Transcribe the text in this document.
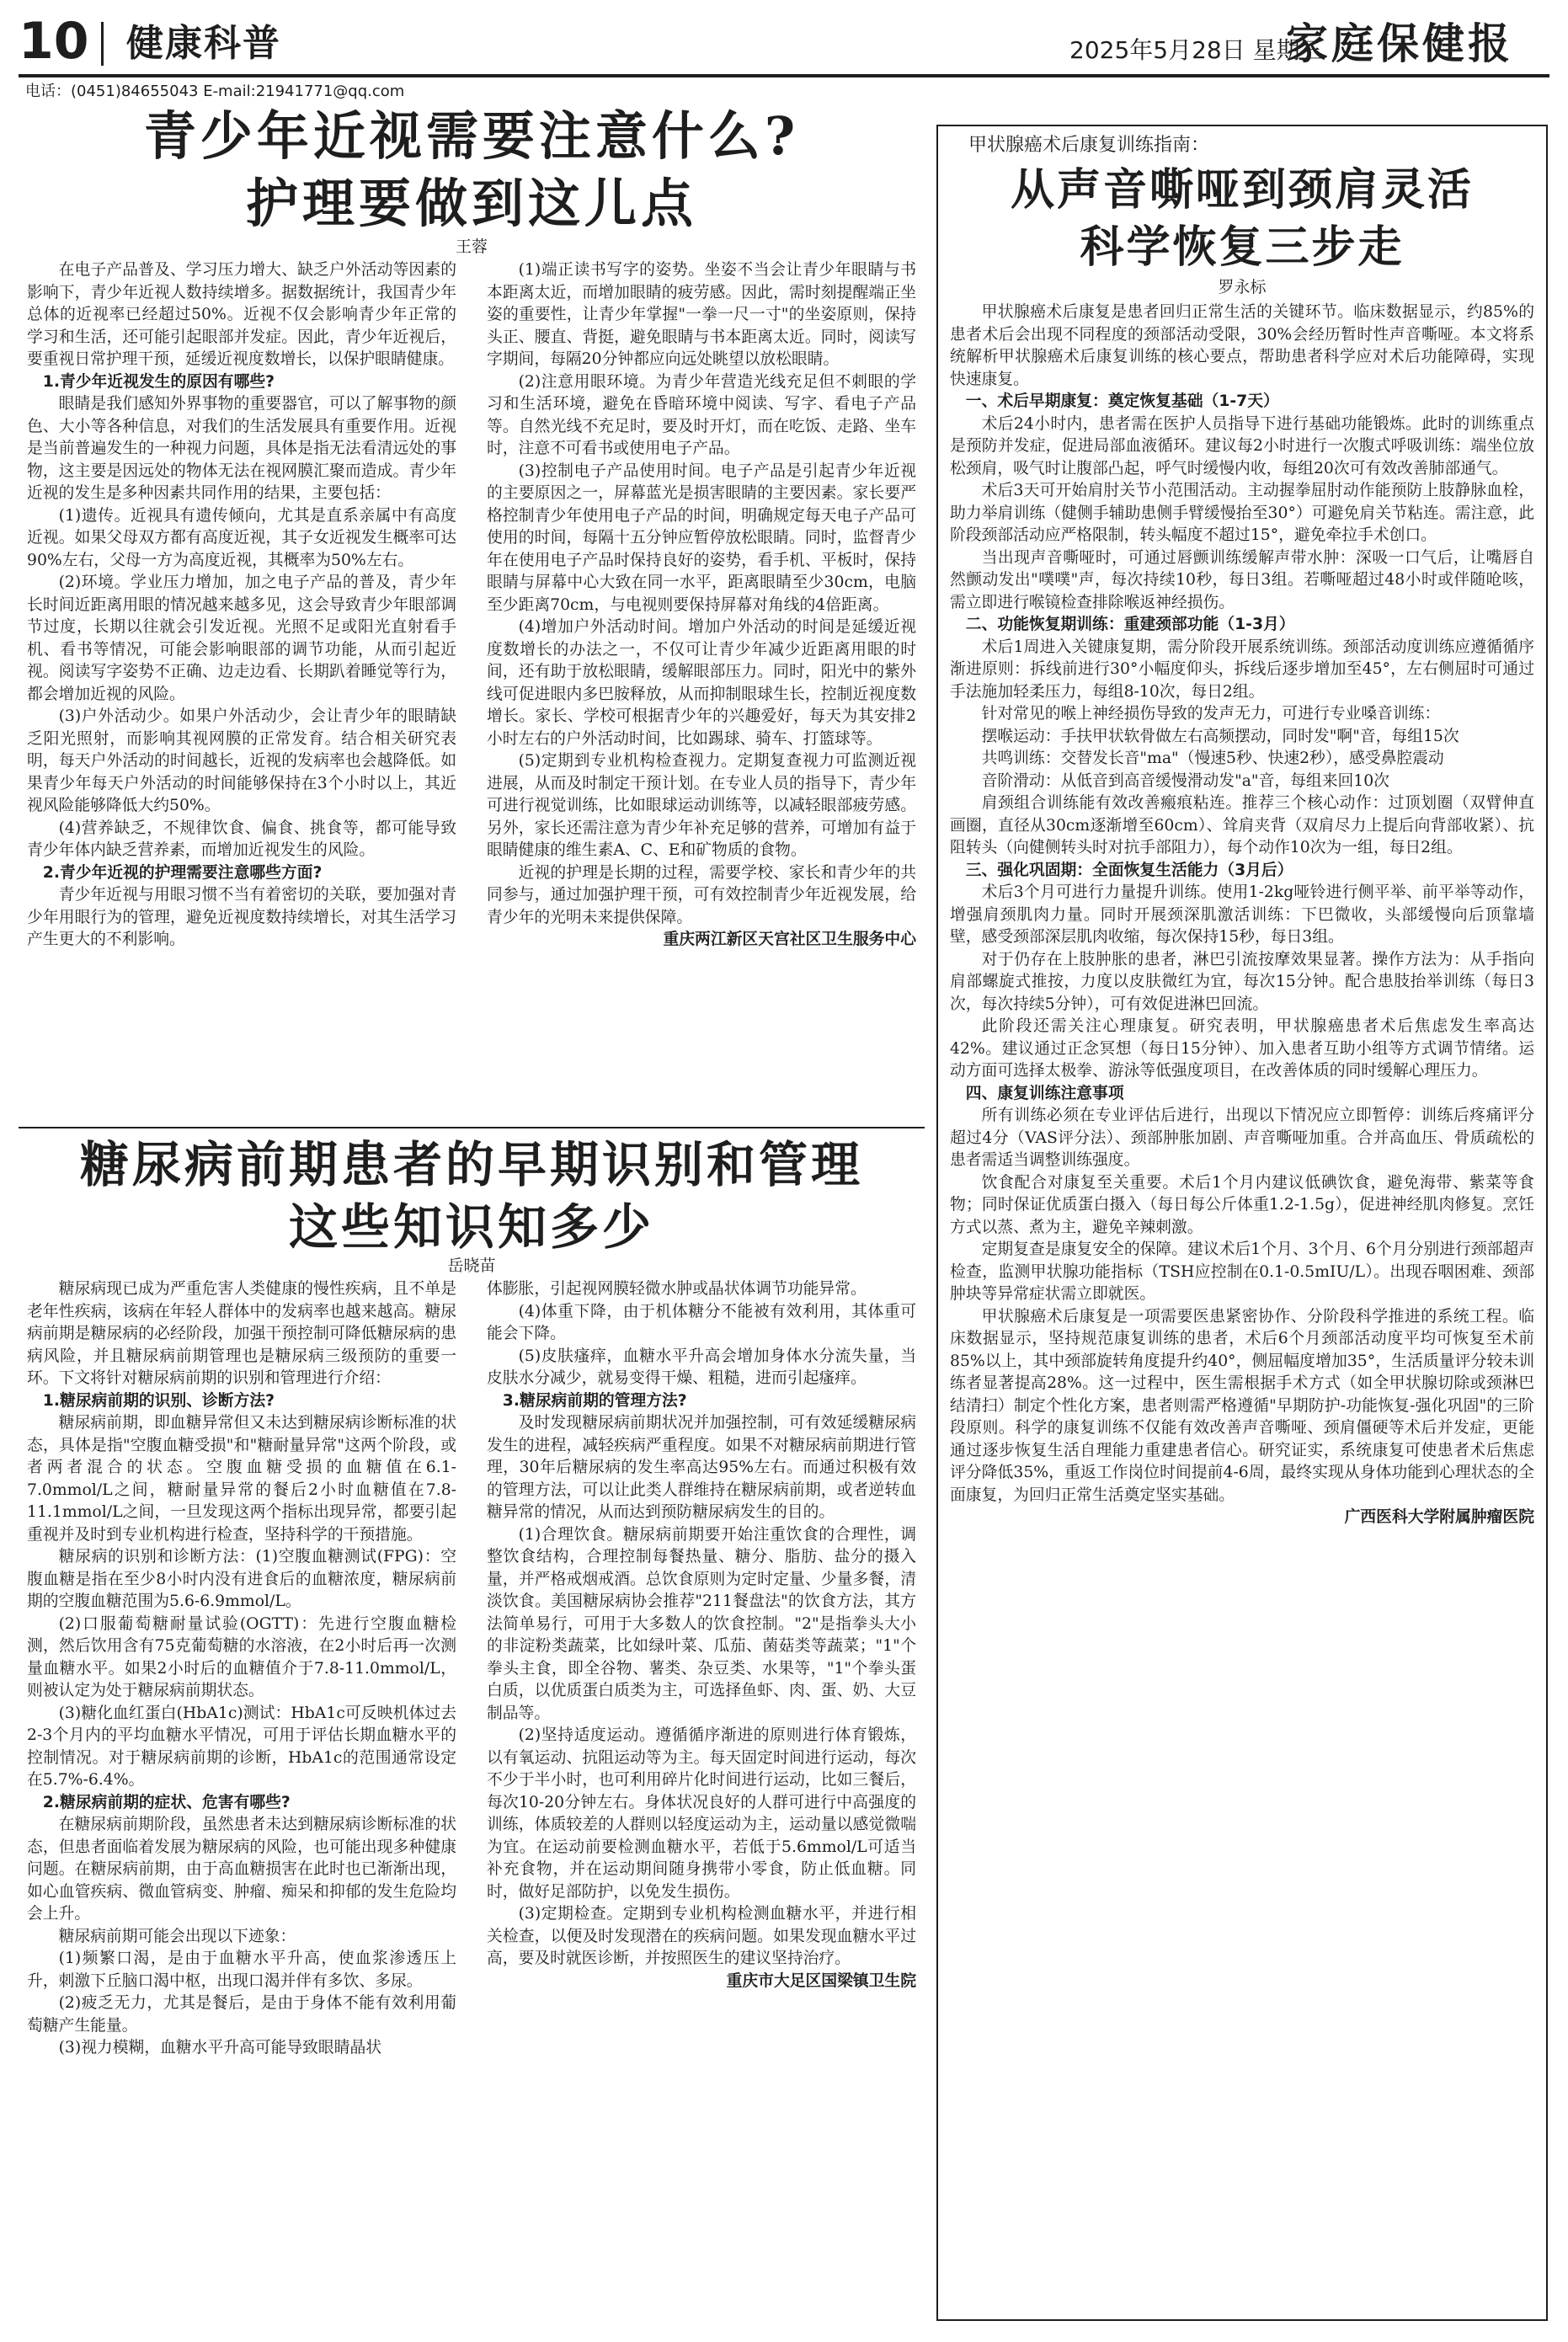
10 健康科普	2025年5月28日 星期三
家庭保健报
电话：(0451)84655043 E-mail:21941771@qq.com
青少年近视需要注意什么?
护理要做到这儿点
王蓉

在电子产品普及、学习压力增大、缺乏户外活动等因素的影响下，青少年近视人数持续增多。据数据统计，我国青少年总体的近视率已经超过50%。近视不仅会影响青少年正常的学习和生活，还可能引起眼部并发症。因此，青少年近视后，要重视日常护理干预，延缓近视度数增长，以保护眼睛健康。

1.青少年近视发生的原因有哪些?

眼睛是我们感知外界事物的重要器官，可以了解事物的颜色、大小等各种信息，对我们的生活发展具有重要作用。近视是当前普遍发生的一种视力问题，具体是指无法看清远处的事物，这主要是因远处的物体无法在视网膜汇聚而造成。青少年近视的发生是多种因素共同作用的结果，主要包括：

(1)遗传。近视具有遗传倾向，尤其是直系亲属中有高度近视。如果父母双方都有高度近视，其子女近视发生概率可达90%左右，父母一方为高度近视，其概率为50%左右。

(2)环境。学业压力增加，加之电子产品的普及，青少年长时间近距离用眼的情况越来越多见，这会导致青少年眼部调节过度，长期以往就会引发近视。光照不足或阳光直射看手机、看书等情况，可能会影响眼部的调节功能，从而引起近视。阅读写字姿势不正确、边走边看、长期趴着睡觉等行为，都会增加近视的风险。

(3)户外活动少。如果户外活动少，会让青少年的眼睛缺乏阳光照射，而影响其视网膜的正常发育。结合相关研究表明，每天户外活动的时间越长，近视的发病率也会越降低。如果青少年每天户外活动的时间能够保持在3个小时以上，其近视风险能够降低大约50%。

(4)营养缺乏，不规律饮食、偏食、挑食等，都可能导致青少年体内缺乏营养素，而增加近视发生的风险。

2.青少年近视的护理需要注意哪些方面?

青少年近视与用眼习惯不当有着密切的关联，要加强对青少年用眼行为的管理，避免近视度数持续增长，对其生活学习产生更大的不利影响。

(1)端正读书写字的姿势。坐姿不当会让青少年眼睛与书本距离太近，而增加眼睛的疲劳感。因此，需时刻提醒端正坐姿的重要性，让青少年掌握"一拳一尺一寸"的坐姿原则，保持头正、腰直、背挺，避免眼睛与书本距离太近。同时，阅读写字期间，每隔20分钟都应向远处眺望以放松眼睛。

(2)注意用眼环境。为青少年营造光线充足但不刺眼的学习和生活环境，避免在昏暗环境中阅读、写字、看电子产品等。自然光线不充足时，要及时开灯，而在吃饭、走路、坐车时，注意不可看书或使用电子产品。

(3)控制电子产品使用时间。电子产品是引起青少年近视的主要原因之一，屏幕蓝光是损害眼睛的主要因素。家长要严格控制青少年使用电子产品的时间，明确规定每天电子产品可使用的时间，每隔十五分钟应暂停放松眼睛。同时，监督青少年在使用电子产品时保持良好的姿势，看手机、平板时，保持眼睛与屏幕中心大致在同一水平，距离眼睛至少30cm，电脑至少距离70cm，与电视则要保持屏幕对角线的4倍距离。

(4)增加户外活动时间。增加户外活动的时间是延缓近视度数增长的办法之一，不仅可让青少年减少近距离用眼的时间，还有助于放松眼睛，缓解眼部压力。同时，阳光中的紫外线可促进眼内多巴胺释放，从而抑制眼球生长，控制近视度数增长。家长、学校可根据青少年的兴趣爱好，每天为其安排2小时左右的户外活动时间，比如踢球、骑车、打篮球等。

(5)定期到专业机构检查视力。定期复查视力可监测近视进展，从而及时制定干预计划。在专业人员的指导下，青少年可进行视觉训练，比如眼球运动训练等，以减轻眼部疲劳感。另外，家长还需注意为青少年补充足够的营养，可增加有益于眼睛健康的维生素A、C、E和矿物质的食物。

近视的护理是长期的过程，需要学校、家长和青少年的共同参与，通过加强护理干预，可有效控制青少年近视发展，给青少年的光明未来提供保障。

重庆两江新区天宫社区卫生服务中心

糖尿病前期患者的早期识别和管理
这些知识知多少
岳晓苗

糖尿病现已成为严重危害人类健康的慢性疾病，且不单是老年性疾病，该病在年轻人群体中的发病率也越来越高。糖尿病前期是糖尿病的必经阶段，加强干预控制可降低糖尿病的患病风险，并且糖尿病前期管理也是糖尿病三级预防的重要一环。下文将针对糖尿病前期的识别和管理进行介绍：

1.糖尿病前期的识别、诊断方法?

糖尿病前期，即血糖异常但又未达到糖尿病诊断标准的状态，具体是指"空腹血糖受损"和"糖耐量异常"这两个阶段，或者两者混合的状态。空腹血糖受损的血糖值在6.1-7.0mmol/L之间，糖耐量异常的餐后2小时血糖值在7.8-11.1mmol/L之间，一旦发现这两个指标出现异常，都要引起重视并及时到专业机构进行检查，坚持科学的干预措施。

糖尿病的识别和诊断方法：(1)空腹血糖测试(FPG)：空腹血糖是指在至少8小时内没有进食后的血糖浓度，糖尿病前期的空腹血糖范围为5.6-6.9mmol/L。

(2)口服葡萄糖耐量试验(OGTT)：先进行空腹血糖检测，然后饮用含有75克葡萄糖的水溶液，在2小时后再一次测量血糖水平。如果2小时后的血糖值介于7.8-11.0mmol/L，则被认定为处于糖尿病前期状态。

(3)糖化血红蛋白(HbA1c)测试：HbA1c可反映机体过去2-3个月内的平均血糖水平情况，可用于评估长期血糖水平的控制情况。对于糖尿病前期的诊断，HbA1c的范围通常设定在5.7%-6.4%。

2.糖尿病前期的症状、危害有哪些?

在糖尿病前期阶段，虽然患者未达到糖尿病诊断标准的状态，但患者面临着发展为糖尿病的风险，也可能出现多种健康问题。在糖尿病前期，由于高血糖损害在此时也已渐渐出现，如心血管疾病、微血管病变、肿瘤、痴呆和抑郁的发生危险均会上升。

糖尿病前期可能会出现以下迹象：

(1)频繁口渴，是由于血糖水平升高，使血浆渗透压上升，刺激下丘脑口渴中枢，出现口渴并伴有多饮、多尿。

(2)疲乏无力，尤其是餐后，是由于身体不能有效利用葡萄糖产生能量。

(3)视力模糊，血糖水平升高可能导致眼睛晶状

体膨胀，引起视网膜轻微水肿或晶状体调节功能异常。

(4)体重下降，由于机体糖分不能被有效利用，其体重可能会下降。

(5)皮肤瘙痒，血糖水平升高会增加身体水分流失量，当皮肤水分减少，就易变得干燥、粗糙，进而引起瘙痒。

3.糖尿病前期的管理方法?

及时发现糖尿病前期状况并加强控制，可有效延缓糖尿病发生的进程，减轻疾病严重程度。如果不对糖尿病前期进行管理，30年后糖尿病的发生率高达95%左右。而通过积极有效的管理方法，可以让此类人群维持在糖尿病前期，或者逆转血糖异常的情况，从而达到预防糖尿病发生的目的。

(1)合理饮食。糖尿病前期要开始注重饮食的合理性，调整饮食结构，合理控制每餐热量、糖分、脂肪、盐分的摄入量，并严格戒烟戒酒。总饮食原则为定时定量、少量多餐，清淡饮食。美国糖尿病协会推荐"211餐盘法"的饮食方法，其方法简单易行，可用于大多数人的饮食控制。"2"是指拳头大小的非淀粉类蔬菜，比如绿叶菜、瓜茄、菌菇类等蔬菜；"1"个拳头主食，即全谷物、薯类、杂豆类、水果等，"1"个拳头蛋白质，以优质蛋白质类为主，可选择鱼虾、肉、蛋、奶、大豆制品等。

(2)坚持适度运动。遵循循序渐进的原则进行体育锻炼，以有氧运动、抗阻运动等为主。每天固定时间进行运动，每次不少于半小时，也可利用碎片化时间进行运动，比如三餐后，每次10-20分钟左右。身体状况良好的人群可进行中高强度的训练，体质较差的人群则以轻度运动为主，运动量以感觉微喘为宜。在运动前要检测血糖水平，若低于5.6mmol/L可适当补充食物，并在运动期间随身携带小零食，防止低血糖。同时，做好足部防护，以免发生损伤。

(3)定期检查。定期到专业机构检测血糖水平，并进行相关检查，以便及时发现潜在的疾病问题。如果发现血糖水平过高，要及时就医诊断，并按照医生的建议坚持治疗。

重庆市大足区国梁镇卫生院

甲状腺癌术后康复训练指南：
从声音嘶哑到颈肩灵活
科学恢复三步走
罗永标

甲状腺癌术后康复是患者回归正常生活的关键环节。临床数据显示，约85%的患者术后会出现不同程度的颈部活动受限，30%会经历暂时性声音嘶哑。本文将系统解析甲状腺癌术后康复训练的核心要点，帮助患者科学应对术后功能障碍，实现快速康复。

一、术后早期康复：奠定恢复基础（1-7天）

术后24小时内，患者需在医护人员指导下进行基础功能锻炼。此时的训练重点是预防并发症，促进局部血液循环。建议每2小时进行一次腹式呼吸训练：端坐位放松颈肩，吸气时让腹部凸起，呼气时缓慢内收，每组20次可有效改善肺部通气。

术后3天可开始肩肘关节小范围活动。主动握拳屈肘动作能预防上肢静脉血栓，助力举肩训练（健侧手辅助患侧手臂缓慢抬至30°）可避免肩关节粘连。需注意，此阶段颈部活动应严格限制，转头幅度不超过15°，避免牵拉手术创口。

当出现声音嘶哑时，可通过唇颤训练缓解声带水肿：深吸一口气后，让嘴唇自然颤动发出"噗噗"声，每次持续10秒，每日3组。若嘶哑超过48小时或伴随呛咳，需立即进行喉镜检查排除喉返神经损伤。

二、功能恢复期训练：重建颈部功能（1-3月）

术后1周进入关键康复期，需分阶段开展系统训练。颈部活动度训练应遵循循序渐进原则：拆线前进行30°小幅度仰头，拆线后逐步增加至45°，左右侧屈时可通过手法施加轻柔压力，每组8-10次，每日2组。

针对常见的喉上神经损伤导致的发声无力，可进行专业嗓音训练：

摆喉运动：手扶甲状软骨做左右高频摆动，同时发"啊"音，每组15次

共鸣训练：交替发长音"ma"（慢速5秒、快速2秒），感受鼻腔震动

音阶滑动：从低音到高音缓慢滑动发"a"音，每组来回10次

肩颈组合训练能有效改善瘢痕粘连。推荐三个核心动作：过顶划圈（双臂伸直画圈，直径从30cm逐渐增至60cm）、耸肩夹背（双肩尽力上提后向背部收紧）、抗阻转头（向健侧转头时对抗手部阻力），每个动作10次为一组，每日2组。

三、强化巩固期：全面恢复生活能力（3月后）

术后3个月可进行力量提升训练。使用1-2kg哑铃进行侧平举、前平举等动作，增强肩颈肌肉力量。同时开展颈深肌激活训练：下巴微收，头部缓慢向后顶靠墙壁，感受颈部深层肌肉收缩，每次保持15秒，每日3组。

对于仍存在上肢肿胀的患者，淋巴引流按摩效果显著。操作方法为：从手指向肩部螺旋式推按，力度以皮肤微红为宜，每次15分钟。配合患肢抬举训练（每日3次，每次持续5分钟），可有效促进淋巴回流。

此阶段还需关注心理康复。研究表明，甲状腺癌患者术后焦虑发生率高达42%。建议通过正念冥想（每日15分钟）、加入患者互助小组等方式调节情绪。运动方面可选择太极拳、游泳等低强度项目，在改善体质的同时缓解心理压力。

四、康复训练注意事项

所有训练必须在专业评估后进行，出现以下情况应立即暂停：训练后疼痛评分超过4分（VAS评分法）、颈部肿胀加剧、声音嘶哑加重。合并高血压、骨质疏松的患者需适当调整训练强度。

饮食配合对康复至关重要。术后1个月内建议低碘饮食，避免海带、紫菜等食物；同时保证优质蛋白摄入（每日每公斤体重1.2-1.5g），促进神经肌肉修复。烹饪方式以蒸、煮为主，避免辛辣刺激。

定期复查是康复安全的保障。建议术后1个月、3个月、6个月分别进行颈部超声检查，监测甲状腺功能指标（TSH应控制在0.1-0.5mIU/L）。出现吞咽困难、颈部肿块等异常症状需立即就医。

甲状腺癌术后康复是一项需要医患紧密协作、分阶段科学推进的系统工程。临床数据显示，坚持规范康复训练的患者，术后6个月颈部活动度平均可恢复至术前85%以上，其中颈部旋转角度提升约40°，侧屈幅度增加35°，生活质量评分较未训练者显著提高28%。这一过程中，医生需根据手术方式（如全甲状腺切除或颈淋巴结清扫）制定个性化方案，患者则需严格遵循"早期防护-功能恢复-强化巩固"的三阶段原则。科学的康复训练不仅能有效改善声音嘶哑、颈肩僵硬等术后并发症，更能通过逐步恢复生活自理能力重建患者信心。研究证实，系统康复可使患者术后焦虑评分降低35%，重返工作岗位时间提前4-6周，最终实现从身体功能到心理状态的全面康复，为回归正常生活奠定坚实基础。

广西医科大学附属肿瘤医院
